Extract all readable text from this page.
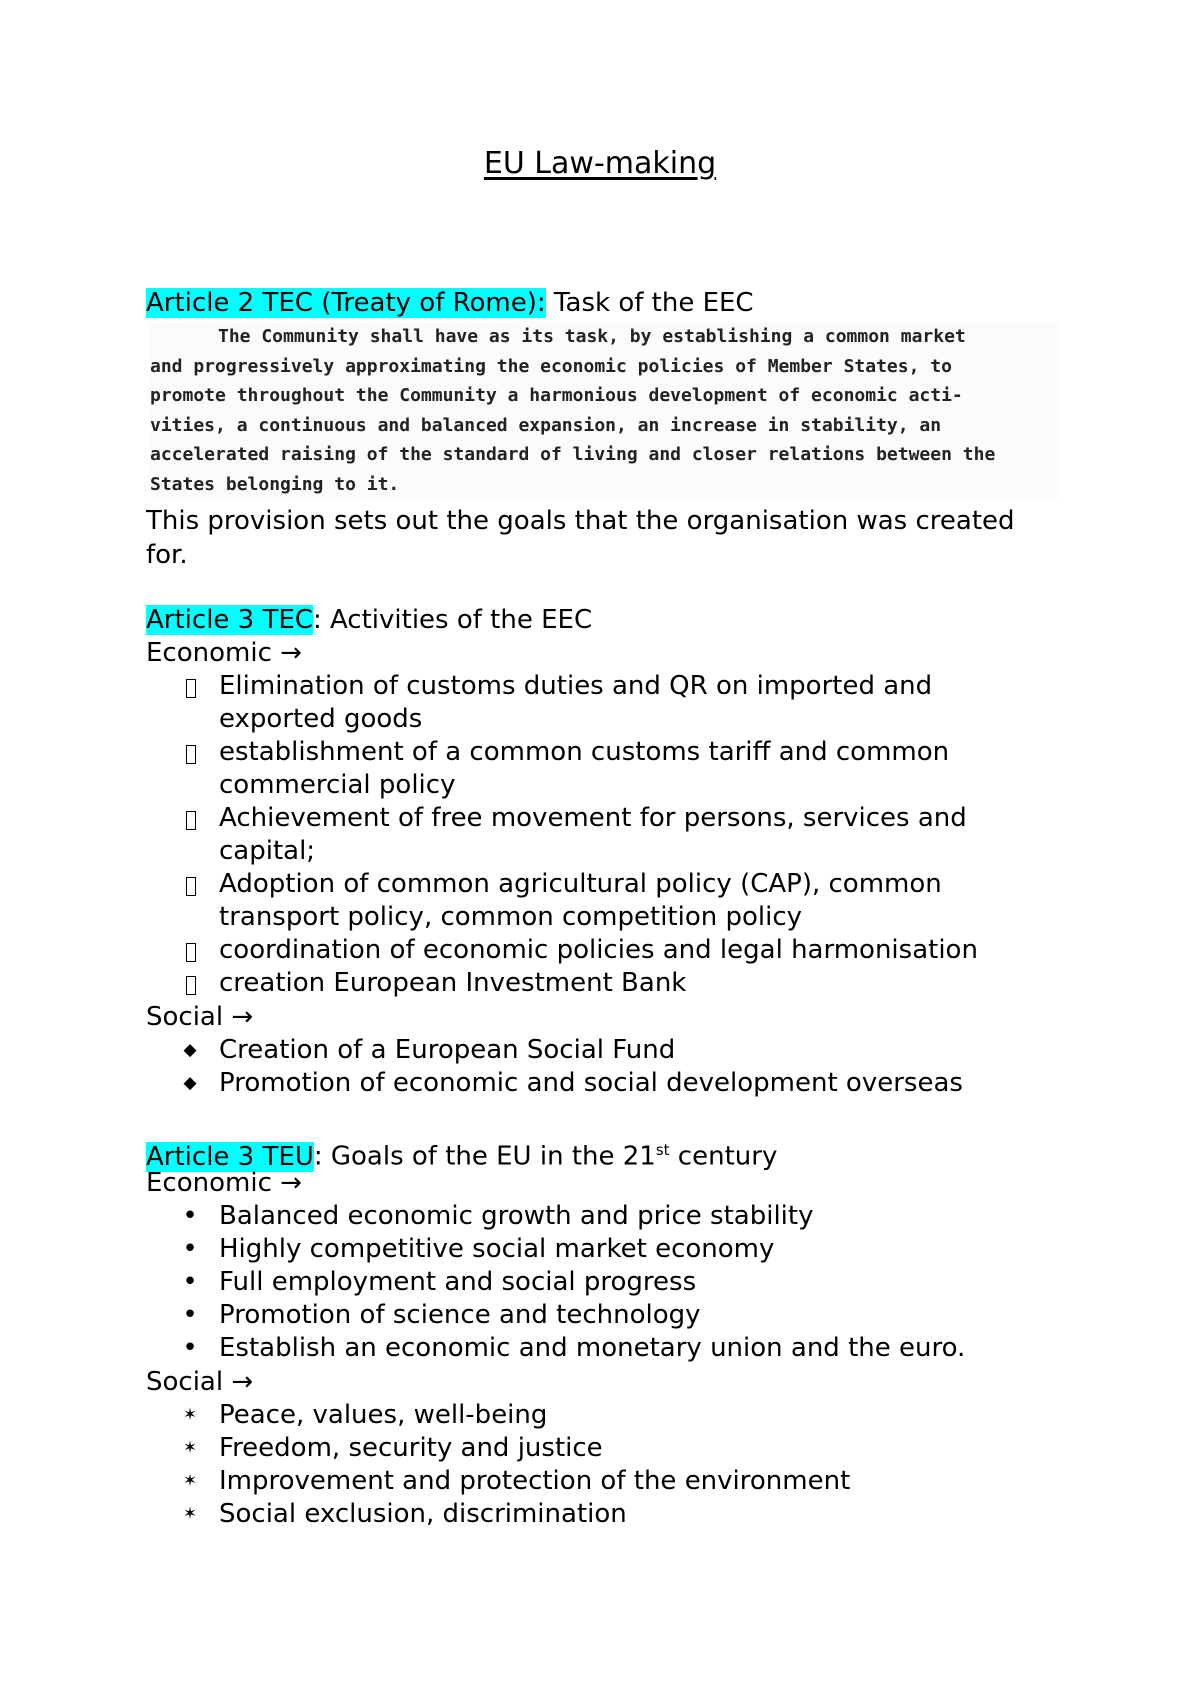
EU Law-making
Article 2 TEC (Treaty of Rome): Task of the EEC
The Community shall have as its task, by establishing a common market
and progressively approximating the economic policies of Member States, to
promote throughout the Community a harmonious development of economic acti-
vities, a continuous and balanced expansion, an increase in stability, an
accelerated raising of the standard of living and closer relations between the
States belonging to it.
This provision sets out the goals that the organisation was created for.
Article 3 TEC: Activities of the EEC
Economic →
Elimination of customs duties and QR on imported and
exported goods
establishment of a common customs tariff and common
commercial policy
Achievement of free movement for persons, services and
capital;
Adoption of common agricultural policy (CAP), common
transport policy, common competition policy
coordination of economic policies and legal harmonisation
creation European Investment Bank
Social →
◆ Creation of a European Social Fund
◆ Promotion of economic and social development overseas
Article 3 TEU: Goals of the EU in the 21st century
Economic →
• Balanced economic growth and price stability
• Highly competitive social market economy
• Full employment and social progress
• Promotion of science and technology
• Establish an economic and monetary union and the euro.
Social →
✶ Peace, values, well-being
✶ Freedom, security and justice
✶ Improvement and protection of the environment
✶ Social exclusion, discrimination
